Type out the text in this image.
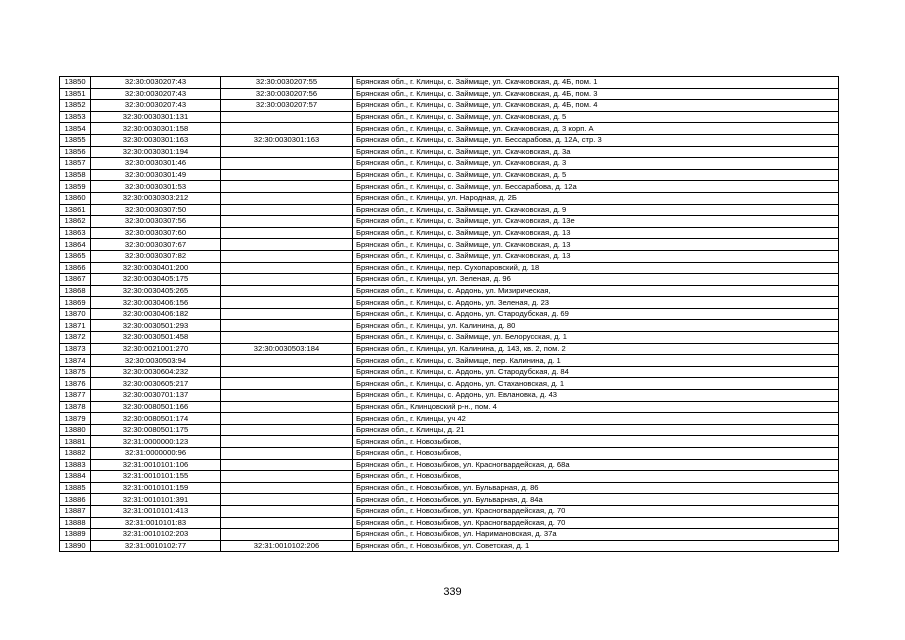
13850	32:30:0030207:43	32:30:0030207:55	Брянская обл., г. Клинцы, с. Займище, ул. Скачковская, д. 4Б, пом. 1
13851	32:30:0030207:43	32:30:0030207:56	Брянская обл., г. Клинцы, с. Займище, ул. Скачковская, д. 4Б, пом. 3
13852	32:30:0030207:43	32:30:0030207:57	Брянская обл., г. Клинцы, с. Займище, ул. Скачковская, д. 4Б, пом. 4
13853	32:30:0030301:131		Брянская обл., г. Клинцы, с. Займище, ул. Скачковская, д. 5
13854	32:30:0030301:158		Брянская обл., г. Клинцы, с. Займище, ул. Скачковская, д. 3 корп. А
13855	32:30:0030301:163	32:30:0030301:163	Брянская обл., г. Клинцы, с. Займище, ул. Бессарабова, д. 12А, стр. 3
13856	32:30:0030301:194		Брянская обл., г. Клинцы, с. Займище, ул. Скачковская, д. 3а
13857	32:30:0030301:46		Брянская обл., г. Клинцы, с. Займище, ул. Скачковская, д. 3
13858	32:30:0030301:49		Брянская обл., г. Клинцы, с. Займище, ул. Скачковская, д. 5
13859	32:30:0030301:53		Брянская обл., г. Клинцы, с. Займище, ул. Бессарабова, д. 12а
13860	32:30:0030303:212		Брянская обл., г. Клинцы, ул. Народная, д. 2Б
13861	32:30:0030307:50		Брянская обл., г. Клинцы, с. Займище, ул. Скачковская, д. 9
13862	32:30:0030307:56		Брянская обл., г. Клинцы, с. Займище, ул. Скачковская, д. 13е
13863	32:30:0030307:60		Брянская обл., г. Клинцы, с. Займище, ул. Скачковская, д. 13
13864	32:30:0030307:67		Брянская обл., г. Клинцы, с. Займище, ул. Скачковская, д. 13
13865	32:30:0030307:82		Брянская обл., г. Клинцы, с. Займище, ул. Скачковская, д. 13
13866	32:30:0030401:200		Брянская обл., г. Клинцы, пер. Сухопаровский, д. 18
13867	32:30:0030405:175		Брянская обл., г. Клинцы, ул. Зеленая, д. 96
13868	32:30:0030405:265		Брянская обл., г. Клинцы, с. Ардонь, ул. Мизирическая,
13869	32:30:0030406:156		Брянская обл., г. Клинцы, с. Ардонь, ул. Зеленая, д. 23
13870	32:30:0030406:182		Брянская обл., г. Клинцы, с. Ардонь, ул. Стародубская, д. 69
13871	32:30:0030501:293		Брянская обл., г. Клинцы, ул. Калинина, д. 80
13872	32:30:0030501:458		Брянская обл., г. Клинцы, с. Займище, ул. Белорусская, д. 1
13873	32:30:0021001:270	32:30:0030503:184	Брянская обл., г. Клинцы, ул. Калинина, д. 143, кв. 2, пом. 2
13874	32:30:0030503:94		Брянская обл., г. Клинцы, с. Займище, пер. Калинина, д. 1
13875	32:30:0030604:232		Брянская обл., г. Клинцы, с. Ардонь, ул. Стародубская, д. 84
13876	32:30:0030605:217		Брянская обл., г. Клинцы, с. Ардонь, ул. Стахановская, д. 1
13877	32:30:0030701:137		Брянская обл., г. Клинцы, с. Ардонь, ул. Евлановка, д. 43
13878	32:30:0080501:166		Брянская обл., Клинцовский р-н., пом. 4
13879	32:30:0080501:174		Брянская обл., г. Клинцы, уч 42
13880	32:30:0080501:175		Брянская обл., г. Клинцы, д. 21
13881	32:31:0000000:123		Брянская обл., г. Новозыбков,
13882	32:31:0000000:96		Брянская обл., г. Новозыбков,
13883	32:31:0010101:106		Брянская обл., г. Новозыбков, ул. Красногвардейская, д. 68а
13884	32:31:0010101:155		Брянская обл., г. Новозыбков,
13885	32:31:0010101:159		Брянская обл., г. Новозыбков, ул. Бульварная, д. 86
13886	32:31:0010101:391		Брянская обл., г. Новозыбков, ул. Бульварная, д. 84а
13887	32:31:0010101:413		Брянская обл., г. Новозыбков, ул. Красногвардейская, д. 70
13888	32:31:0010101:83		Брянская обл., г. Новозыбков, ул. Красногвардейская, д. 70
13889	32:31:0010102:203		Брянская обл., г. Новозыбков, ул. Наримановская, д. 37а
13890	32:31:0010102:77	32:31:0010102:206	Брянская обл., г. Новозыбков, ул. Советская, д. 1
339
